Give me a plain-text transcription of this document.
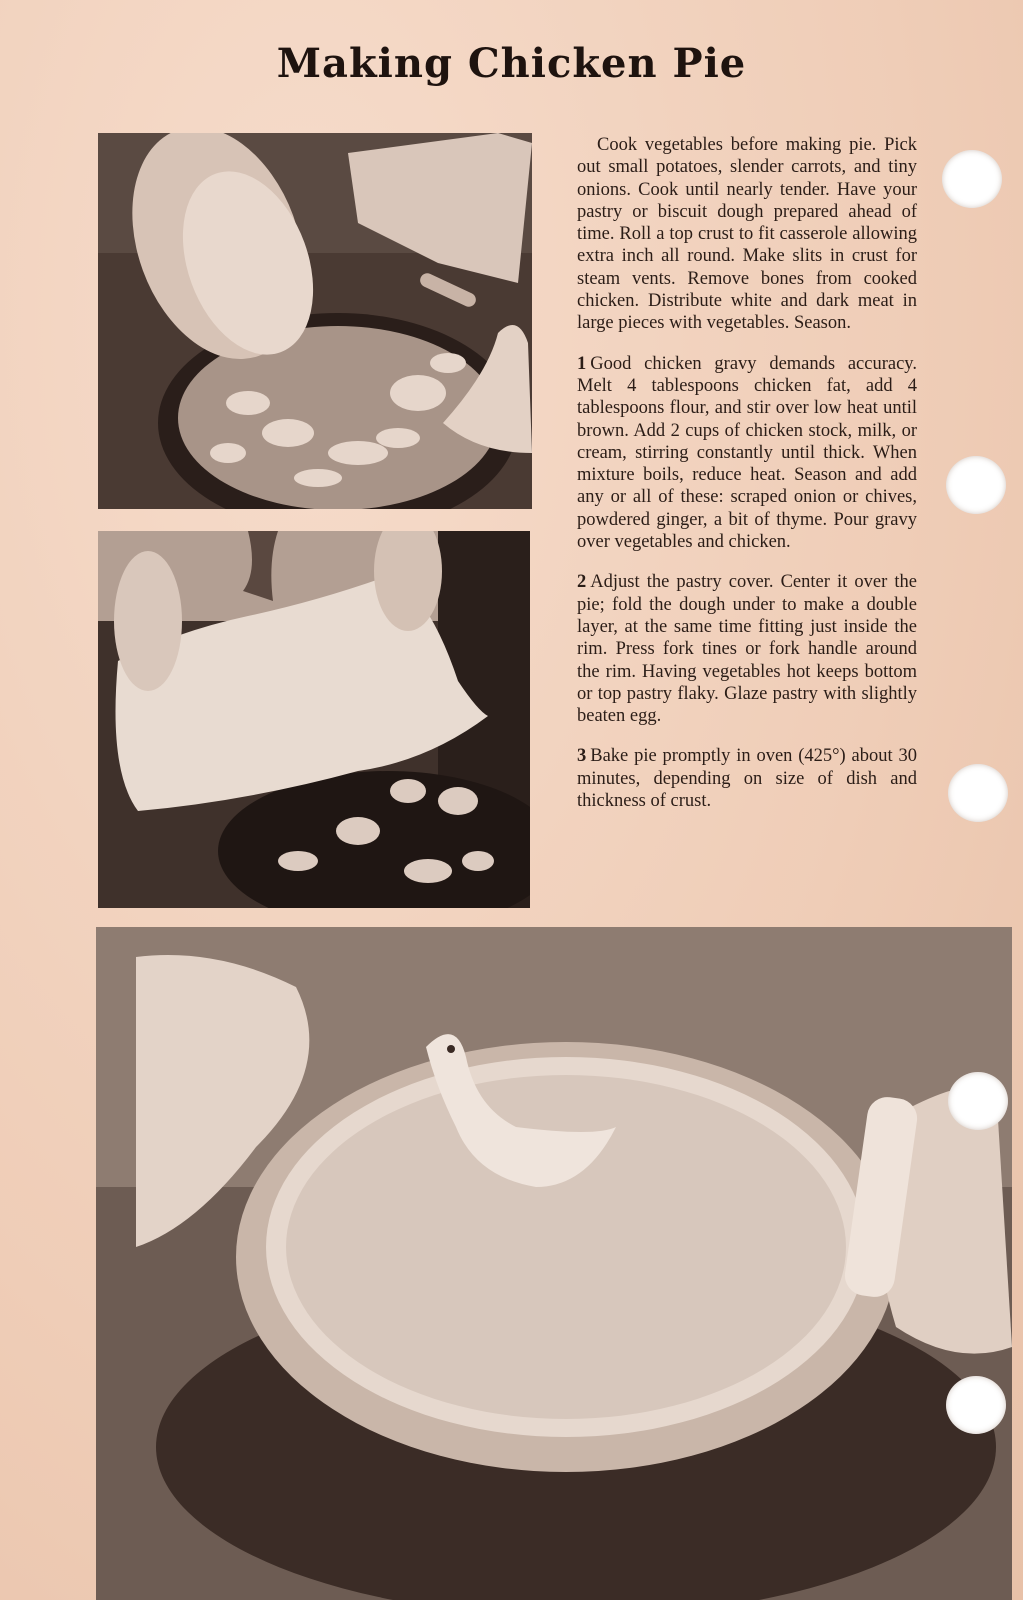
Making Chicken Pie

Cook vegetables before making pie. Pick out small potatoes, slender carrots, and tiny onions. Cook until nearly tender. Have your pastry or biscuit dough prepared ahead of time. Roll a top crust to fit casserole allowing extra inch all round. Make slits in crust for steam vents. Remove bones from cooked chicken. Distribute white and dark meat in large pieces with vegetables. Season.

1 Good chicken gravy demands accuracy. Melt 4 tablespoons chicken fat, add 4 tablespoons flour, and stir over low heat until brown. Add 2 cups of chicken stock, milk, or cream, stirring constantly until thick. When mixture boils, reduce heat. Season and add any or all of these: scraped onion or chives, powdered ginger, a bit of thyme. Pour gravy over vegetables and chicken.

2 Adjust the pastry cover. Center it over the pie; fold the dough under to make a double layer, at the same time fitting just inside the rim. Press fork tines or fork handle around the rim. Having vegetables hot keeps bottom or top pastry flaky. Glaze pastry with slightly beaten egg.

3 Bake pie promptly in oven (425°) about 30 minutes, depending on size of dish and thickness of crust.
